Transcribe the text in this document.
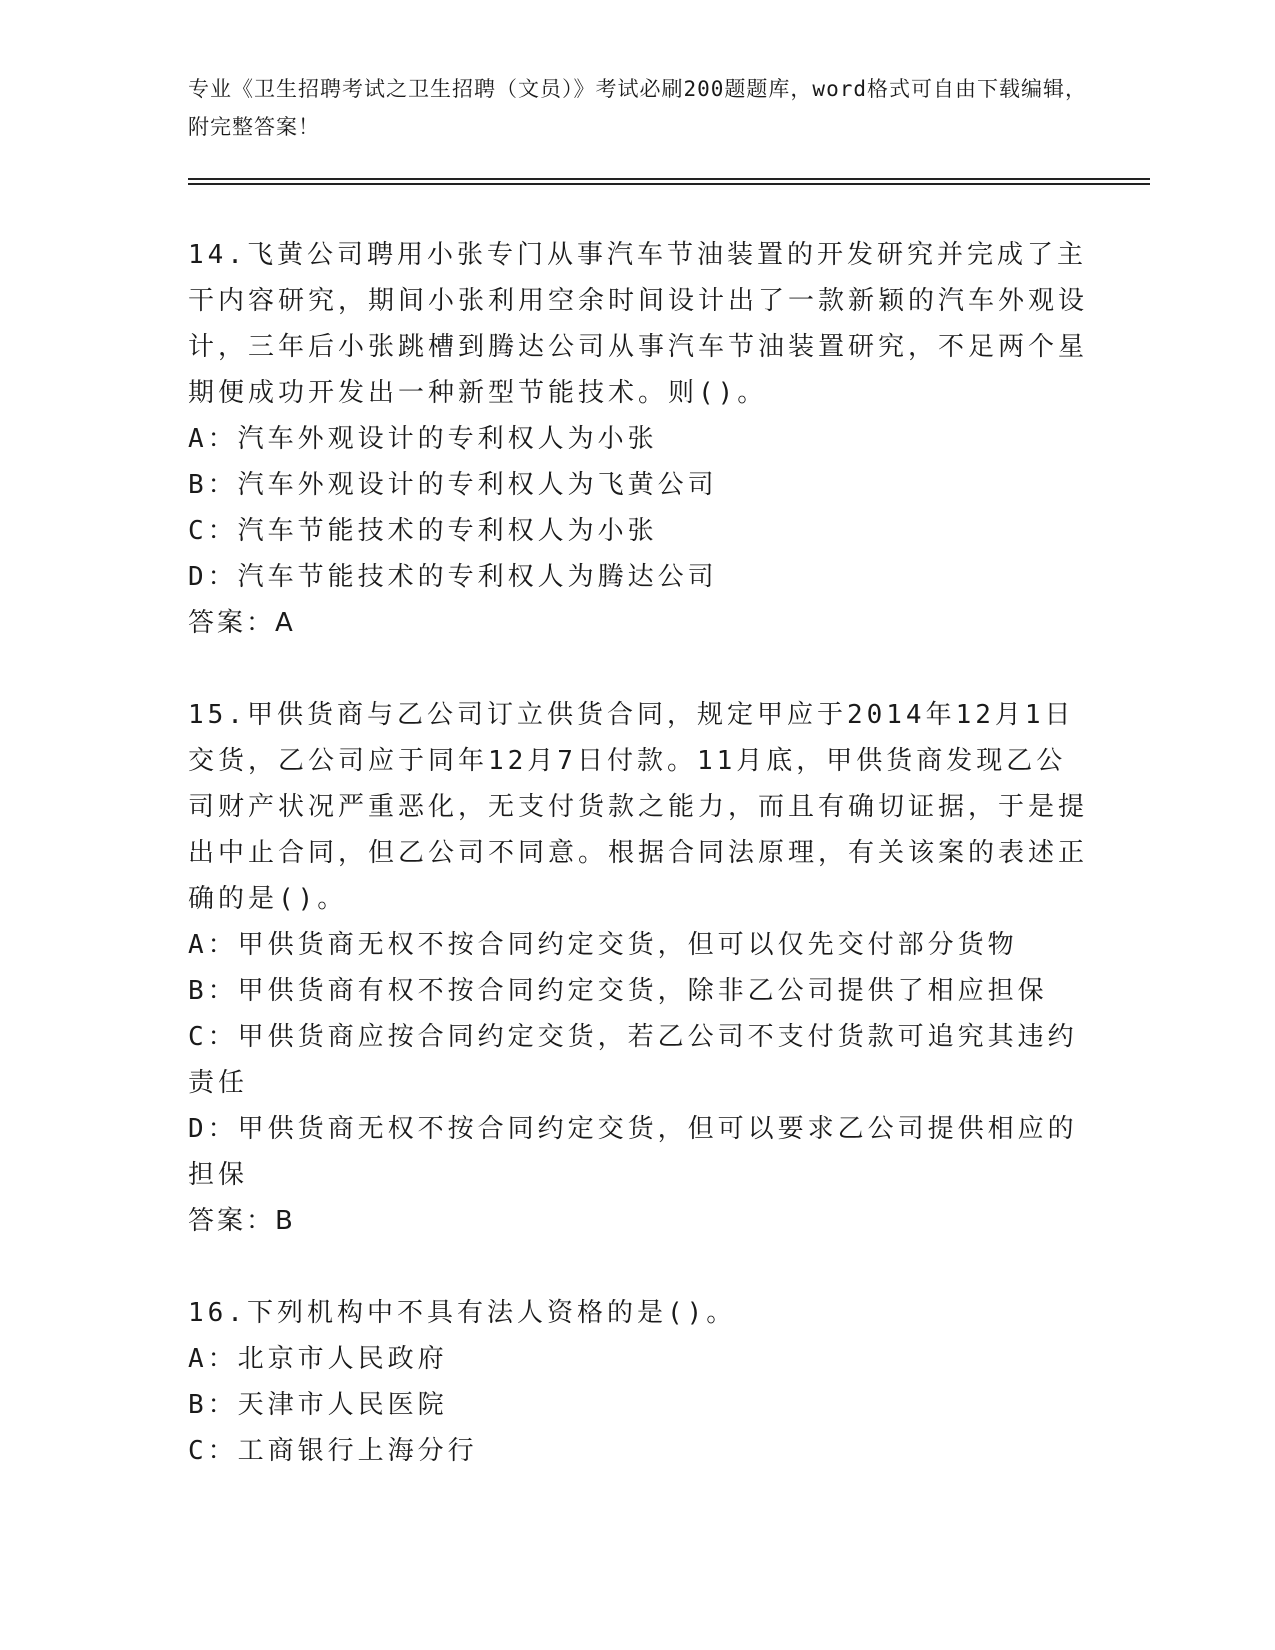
专业《卫生招聘考试之卫生招聘（文员）》考试必刷200题题库，word格式可自由下载编辑，附完整答案！
14.飞黄公司聘用小张专门从事汽车节油装置的开发研究并完成了主干内容研究，期间小张利用空余时间设计出了一款新颖的汽车外观设计，三年后小张跳槽到腾达公司从事汽车节油装置研究，不足两个星期便成功开发出一种新型节能技术。则()。
A：汽车外观设计的专利权人为小张
B：汽车外观设计的专利权人为飞黄公司
C：汽车节能技术的专利权人为小张
D：汽车节能技术的专利权人为腾达公司
答案：A
15.甲供货商与乙公司订立供货合同，规定甲应于2014年12月1日交货，乙公司应于同年12月7日付款。11月底，甲供货商发现乙公司财产状况严重恶化，无支付货款之能力，而且有确切证据，于是提出中止合同，但乙公司不同意。根据合同法原理，有关该案的表述正确的是()。
A：甲供货商无权不按合同约定交货，但可以仅先交付部分货物
B：甲供货商有权不按合同约定交货，除非乙公司提供了相应担保
C：甲供货商应按合同约定交货，若乙公司不支付货款可追究其违约责任
D：甲供货商无权不按合同约定交货，但可以要求乙公司提供相应的担保
答案：B
16.下列机构中不具有法人资格的是()。
A：北京市人民政府
B：天津市人民医院
C：工商银行上海分行
